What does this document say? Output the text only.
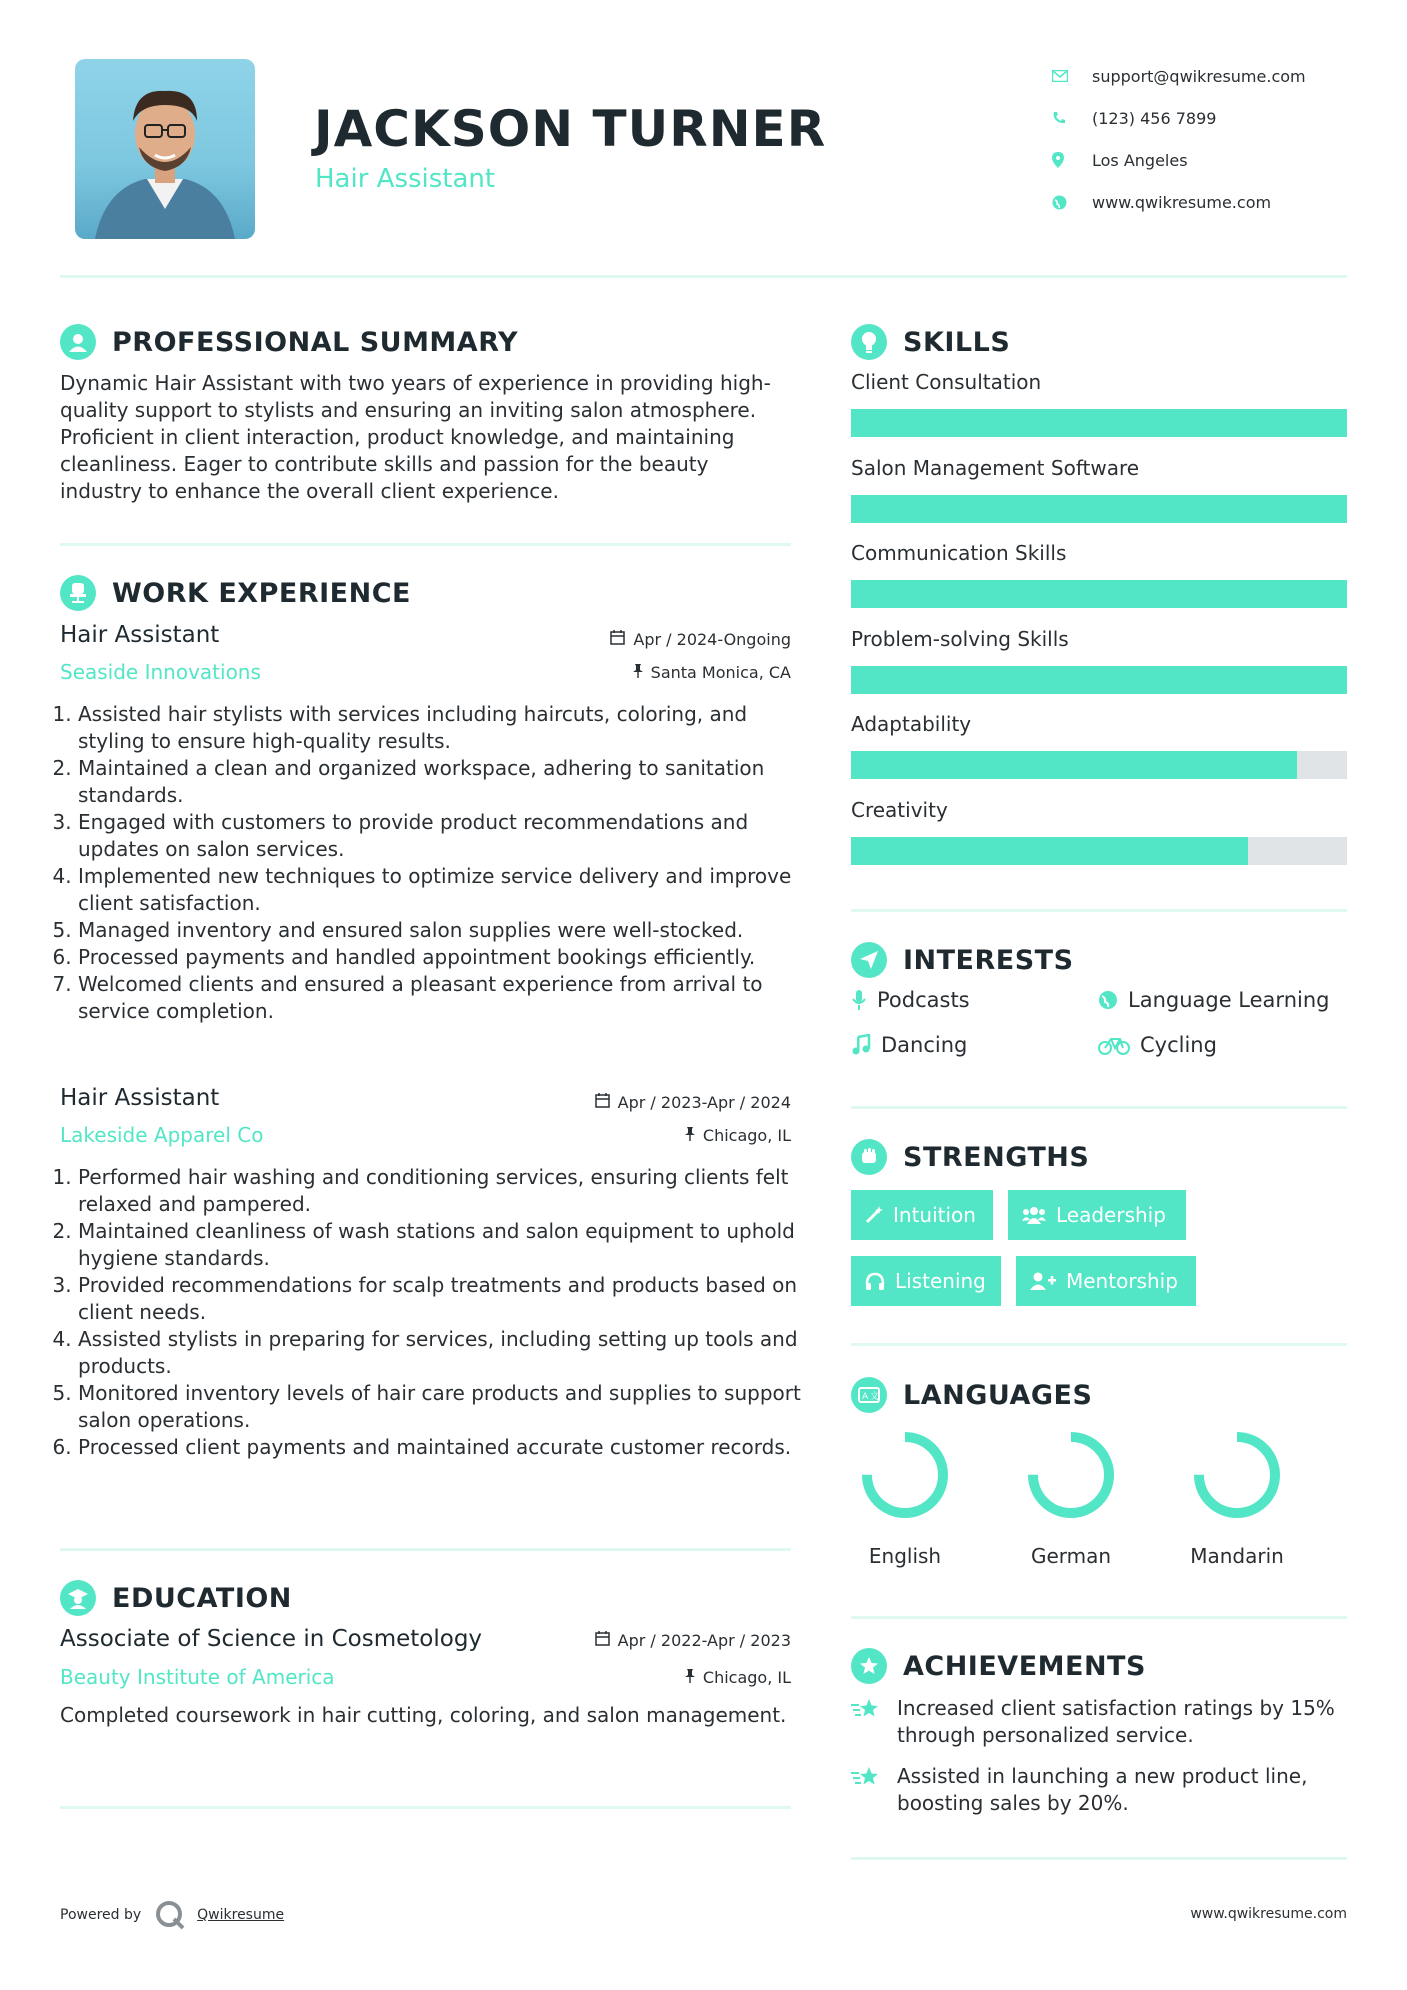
JACKSON TURNER
Hair Assistant
support@qwikresume.com
(123) 456 7899
Los Angeles
www.qwikresume.com
PROFESSIONAL SUMMARY
Dynamic Hair Assistant with two years of experience in providing high-quality support to stylists and ensuring an inviting salon atmosphere. Proficient in client interaction, product knowledge, and maintaining cleanliness. Eager to contribute skills and passion for the beauty industry to enhance the overall client experience.
WORK EXPERIENCE
Hair Assistant	Apr / 2024-Ongoing
Seaside Innovations	Santa Monica, CA
1. Assisted hair stylists with services including haircuts, coloring, and styling to ensure high-quality results.
2. Maintained a clean and organized workspace, adhering to sanitation standards.
3. Engaged with customers to provide product recommendations and updates on salon services.
4. Implemented new techniques to optimize service delivery and improve client satisfaction.
5. Managed inventory and ensured salon supplies were well-stocked.
6. Processed payments and handled appointment bookings efficiently.
7. Welcomed clients and ensured a pleasant experience from arrival to service completion.
Hair Assistant	Apr / 2023-Apr / 2024
Lakeside Apparel Co	Chicago, IL
1. Performed hair washing and conditioning services, ensuring clients felt relaxed and pampered.
2. Maintained cleanliness of wash stations and salon equipment to uphold hygiene standards.
3. Provided recommendations for scalp treatments and products based on client needs.
4. Assisted stylists in preparing for services, including setting up tools and products.
5. Monitored inventory levels of hair care products and supplies to support salon operations.
6. Processed client payments and maintained accurate customer records.
EDUCATION
Associate of Science in Cosmetology	Apr / 2022-Apr / 2023
Beauty Institute of America	Chicago, IL
Completed coursework in hair cutting, coloring, and salon management.
SKILLS
Client Consultation
Salon Management Software
Communication Skills
Problem-solving Skills
Adaptability
Creativity
INTERESTS
Podcasts	Language Learning
Dancing	Cycling
STRENGTHS
Intuition	Leadership
Listening	Mentorship
A 文 LANGUAGES
English	German	Mandarin
ACHIEVEMENTS
Increased client satisfaction ratings by 15% through personalized service.
Assisted in launching a new product line, boosting sales by 20%.
Powered by	Qwikresume	www.qwikresume.com
